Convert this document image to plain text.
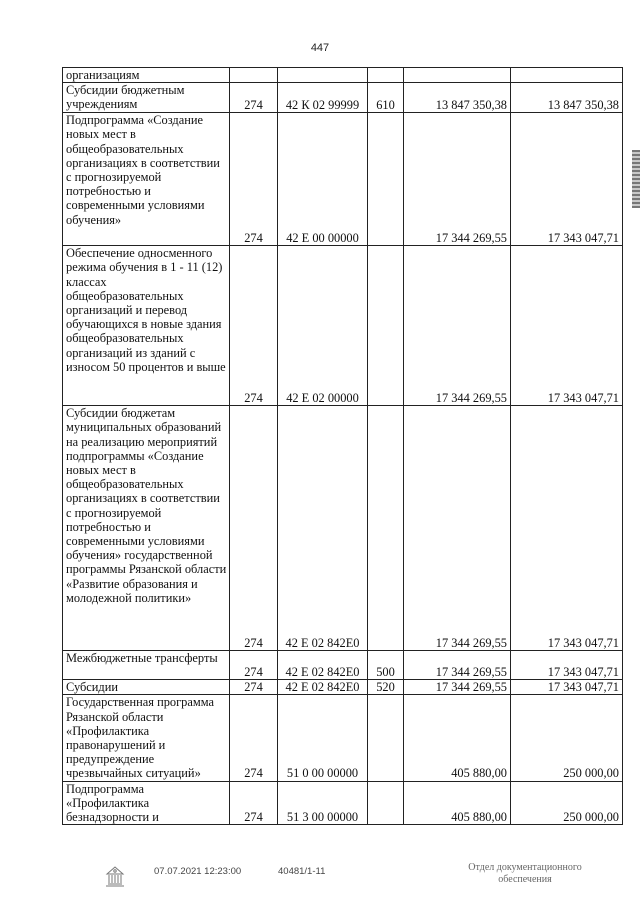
447
организациям					
Субсидии бюджетным учреждениям	274	42 К 02 99999	610	13 847 350,38	13 847 350,38
Подпрограмма «Создание новых мест в общеобразовательных организациях в соответствии с прогнозируемой потребностью и современными условиями обучения»	274	42 Е 00 00000		17 344 269,55	17 343 047,71
Обеспечение односменного режима обучения в 1 - 11 (12) классах общеобразовательных организаций и перевод обучающихся в новые здания общеобразовательных организаций из зданий с износом 50 процентов и выше	274	42 Е 02 00000		17 344 269,55	17 343 047,71
Субсидии бюджетам муниципальных образований на реализацию мероприятий подпрограммы «Создание новых мест в общеобразовательных организациях в соответствии с прогнозируемой потребностью и современными условиями обучения» государственной программы Рязанской области «Развитие образования и молодежной политики»	274	42 Е 02 842Е0		17 344 269,55	17 343 047,71
Межбюджетные трансферты	274	42 Е 02 842Е0	500	17 344 269,55	17 343 047,71
Субсидии	274	42 Е 02 842Е0	520	17 344 269,55	17 343 047,71
Государственная программа Рязанской области «Профилактика правонарушений и предупреждение чрезвычайных ситуаций»	274	51 0 00 00000		405 880,00	250 000,00
Подпрограмма «Профилактика безнадзорности и	274	51 3 00 00000		405 880,00	250 000,00
07.07.2021 12:23:00	40481/1-11	Отдел документационного
обеспечения
